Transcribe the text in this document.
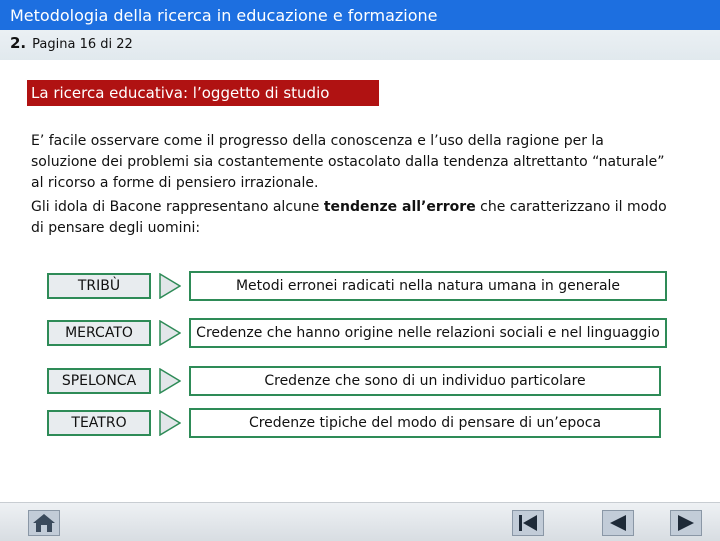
Metodologia della ricerca in educazione e formazione
2. Pagina 16 di 22
La ricerca educativa: l’oggetto di studio
E’ facile osservare come il progresso della conoscenza e l’uso della ragione per la soluzione dei problemi sia costantemente ostacolato dalla tendenza altrettanto “naturale” al ricorso a forme di pensiero irrazionale.
Gli idola di Bacone rappresentano alcune tendenze all’errore che caratterizzano il modo di pensare degli uomini:
TRIBÙ	Metodi erronei radicati nella natura umana in generale
MERCATO	Credenze che hanno origine nelle relazioni sociali e nel linguaggio
SPELONCA	Credenze che sono di un individuo particolare
TEATRO	Credenze tipiche del modo di pensare di un’epoca
